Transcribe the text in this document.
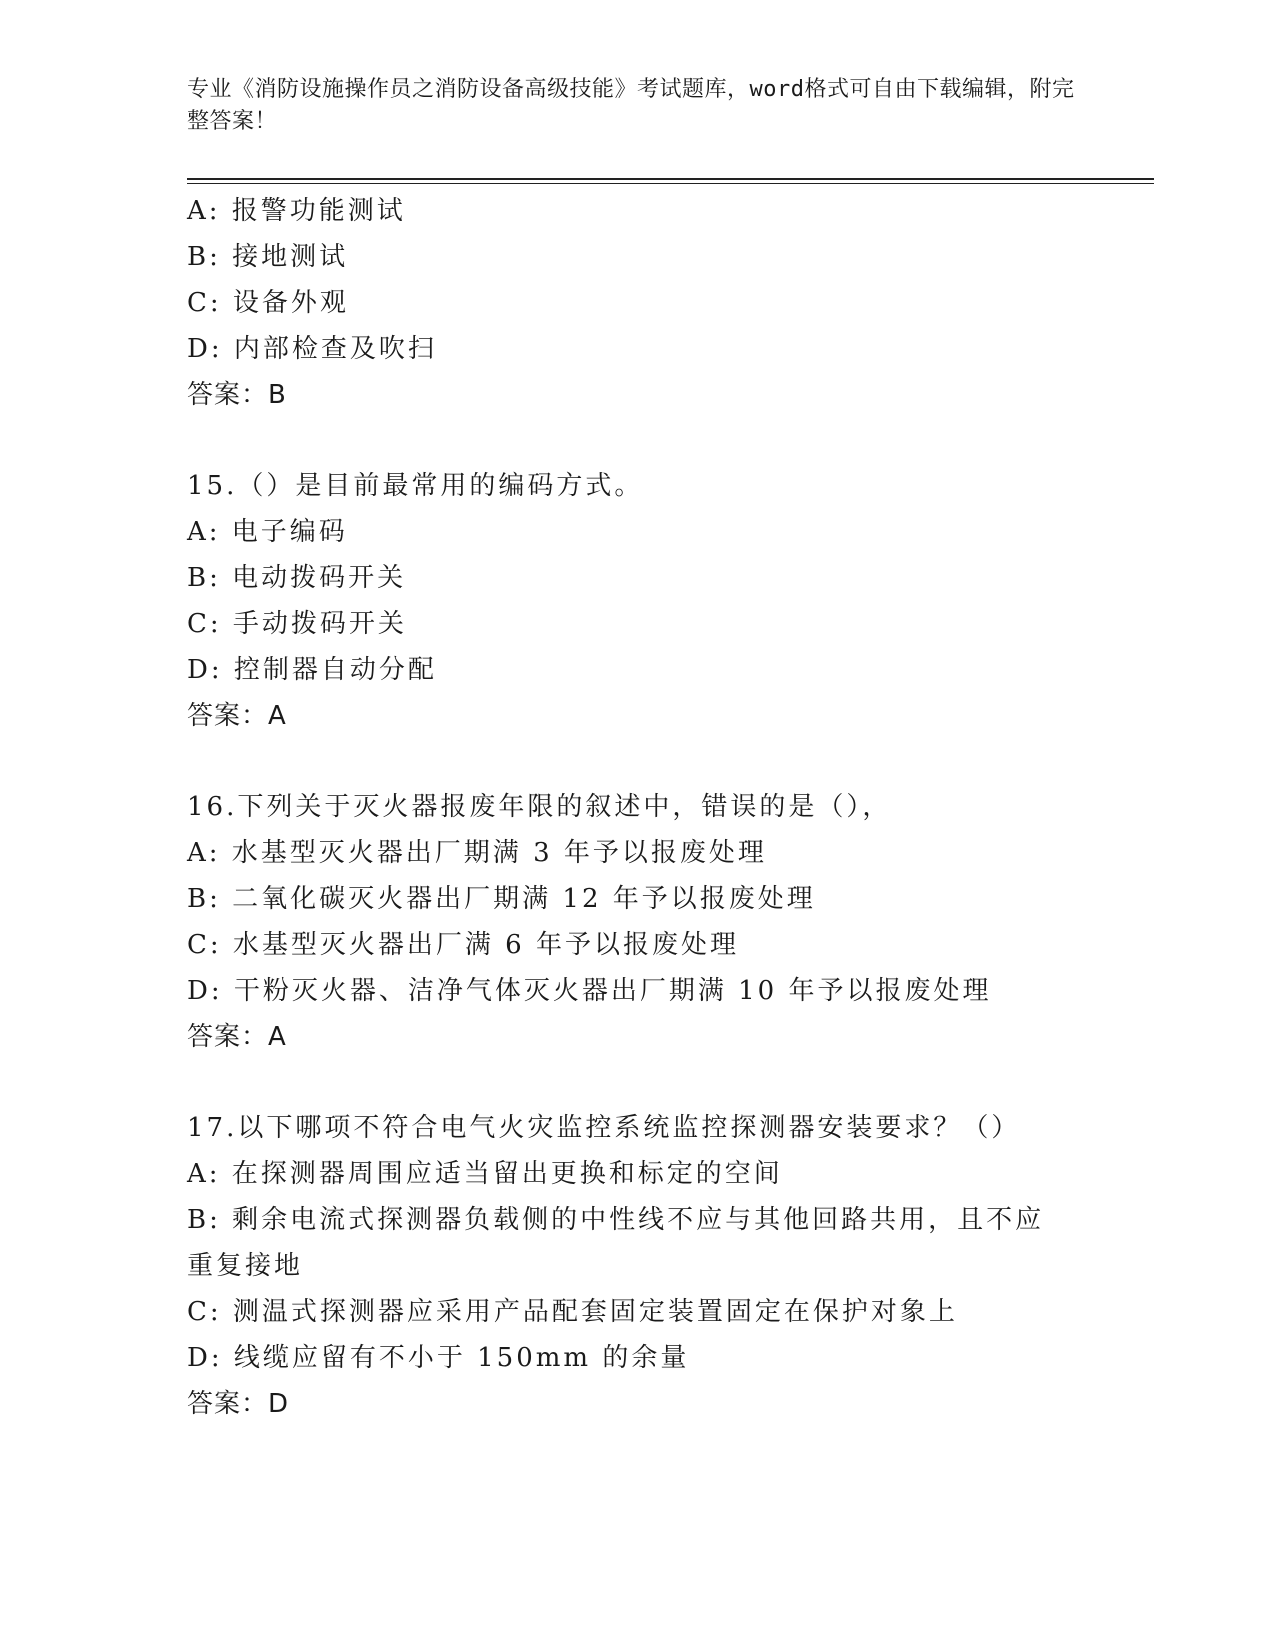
专业《消防设施操作员之消防设备高级技能》考试题库，word格式可自由下载编辑，附完整答案！
A: 报警功能测试
B: 接地测试
C: 设备外观
D: 内部检查及吹扫
答案：B
15.（）是目前最常用的编码方式。
A: 电子编码
B: 电动拨码开关
C: 手动拨码开关
D: 控制器自动分配
答案：A
16.下列关于灭火器报废年限的叙述中，错误的是（），
A: 水基型灭火器出厂期满 3 年予以报废处理
B: 二氧化碳灭火器出厂期满 12 年予以报废处理
C: 水基型灭火器出厂满 6 年予以报废处理
D: 干粉灭火器、洁净气体灭火器出厂期满 10 年予以报废处理
答案：A
17.以下哪项不符合电气火灾监控系统监控探测器安装要求？（）
A: 在探测器周围应适当留出更换和标定的空间
B: 剩余电流式探测器负载侧的中性线不应与其他回路共用，且不应重复接地
C: 测温式探测器应采用产品配套固定装置固定在保护对象上
D: 线缆应留有不小于 150mm 的余量
答案：D
